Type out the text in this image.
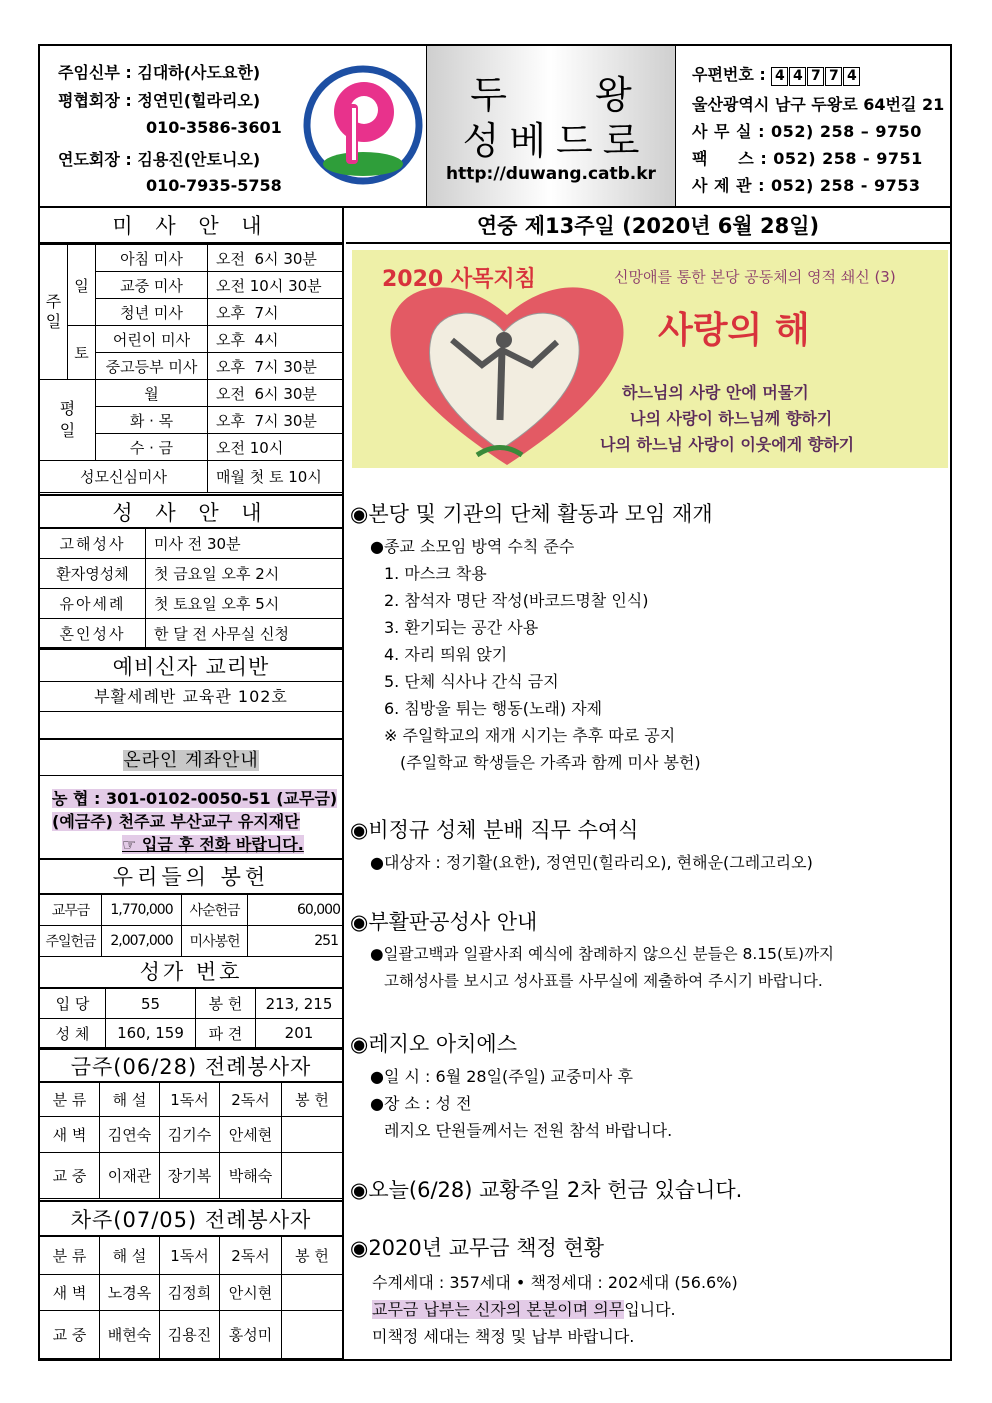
주임신부 : 김대하(사도요한)
평협회장 : 정연민(힐라리오)
010-3586-3601
연도회장 : 김용진(안토니오)
010-7935-5758
두 왕
성베드로
http://duwang.catb.kr
우편번호 : 4 4 7 7 4
울산광역시 남구 두왕로 64번길 21
사 무 실 : 052) 258 – 9750
팩     스 : 052) 258 - 9751
사 제 관 : 052) 258 - 9753
미 사 안 내
주일	일	아침 미사	오전  6시 30분
		교중 미사	오전 10시 30분
		청년 미사	오후  7시
	토	어린이 미사	오후  4시
		중고등부 미사	오후  7시 30분
평일		월	오전  6시 30분
		화 · 목	오후  7시 30분
		수 · 금	오전 10시
성모신심미사			매월 첫 토 10시
성 사 안 내
고해성사	미사 전 30분
환자영성체	첫 금요일 오후 2시
유아세례	첫 토요일 오후 5시
혼인성사	한 달 전 사무실 신청
예비신자 교리반
부활세례반 교육관 102호
온라인 계좌안내
농 협 : 301-0102-0050-51 (교무금)
(예금주) 천주교 부산교구 유지재단
☞ 입금 후 전화 바랍니다.
우리들의 봉헌
교무금	1,770,000	사순헌금	60,000
주일헌금	2,007,000	미사봉헌	251
성가 번호
입 당	55	봉 헌	213, 215
성 체	160, 159	파 견	201
금주(06/28) 전례봉사자
분 류	해 설	1독서	2독서	봉 헌
새 벽	김연숙	김기수	안세현	
교 중	이재관	장기복	박해숙	
차주(07/05) 전례봉사자
분 류	해 설	1독서	2독서	봉 헌
새 벽	노경옥	김정희	안시현	
교 중	배현숙	김용진	홍성미	
연중 제13주일 (2020년 6월 28일)
2020 사목지침	신망애를 통한 본당 공동체의 영적 쇄신 (3)
사랑의 해
하느님의 사랑 안에 머물기
나의 사랑이 하느님께 향하기
나의 하느님 사랑이 이웃에게 향하기
◉본당 및 기관의 단체 활동과 모임 재개
●종교 소모임 방역 수칙 준수
1. 마스크 착용
2. 참석자 명단 작성(바코드명찰 인식)
3. 환기되는 공간 사용
4. 자리 띄워 앉기
5. 단체 식사나 간식 금지
6. 침방울 튀는 행동(노래) 자제
※ 주일학교의 재개 시기는 추후 따로 공지
(주일학교 학생들은 가족과 함께 미사 봉헌)
◉비정규 성체 분배 직무 수여식
●대상자 : 정기활(요한), 정연민(힐라리오), 현해운(그레고리오)
◉부활판공성사 안내
●일괄고백과 일괄사죄 예식에 참례하지 않으신 분들은 8.15(토)까지
고해성사를 보시고 성사표를 사무실에 제출하여 주시기 바랍니다.
◉레지오 아치에스
●일 시 : 6월 28일(주일) 교중미사 후
●장 소 : 성 전
레지오 단원들께서는 전원 참석 바랍니다.
◉오늘(6/28) 교황주일 2차 헌금 있습니다.
◉2020년 교무금 책정 현황
수계세대 : 357세대 • 책정세대 : 202세대 (56.6%)
교무금 납부는 신자의 본분이며 의무입니다.
미책정 세대는 책정 및 납부 바랍니다.
